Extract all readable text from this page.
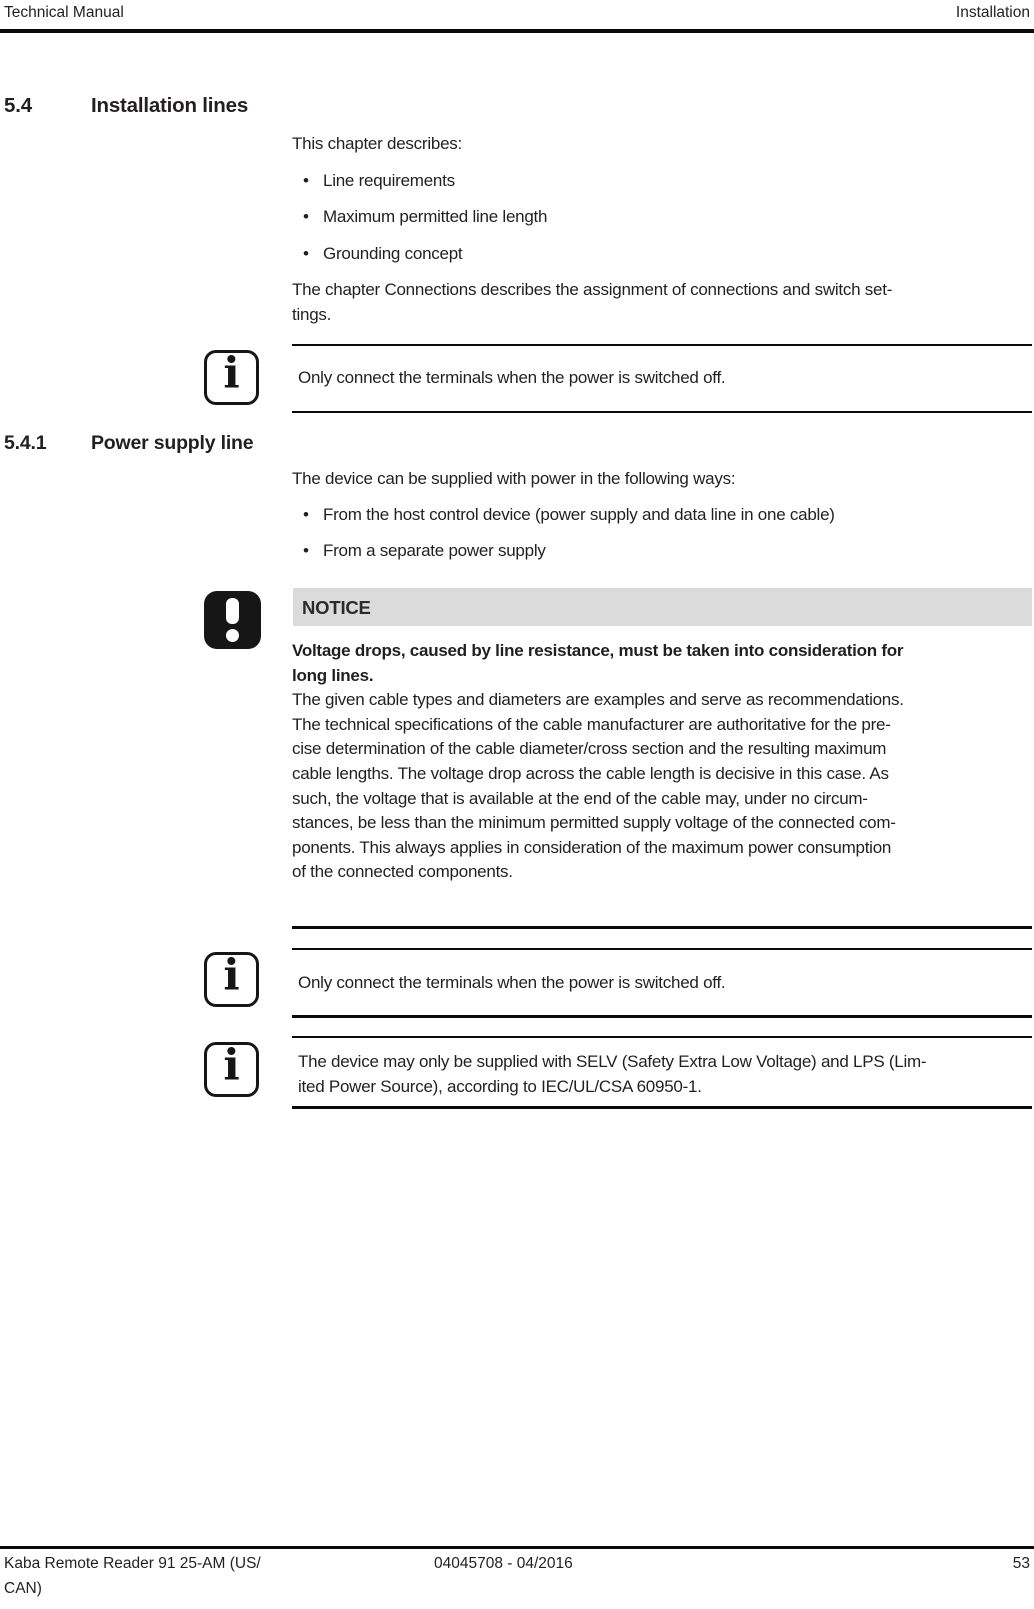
Technical Manual	Installation
5.4	Installation lines
This chapter describes:
• Line requirements
• Maximum permitted line length
• Grounding concept
The chapter Connections describes the assignment of connections and switch set-
tings.
i	Only connect the terminals when the power is switched off.
5.4.1 Power supply line
The device can be supplied with power in the following ways:
• From the host control device (power supply and data line in one cable)
• From a separate power supply
NOTICE
Voltage drops, caused by line resistance, must be taken into consideration for
long lines.
The given cable types and diameters are examples and serve as recommendations.
The technical specifications of the cable manufacturer are authoritative for the pre-
cise determination of the cable diameter/cross section and the resulting maximum
cable lengths. The voltage drop across the cable length is decisive in this case. As
such, the voltage that is available at the end of the cable may, under no circum-
stances, be less than the minimum permitted supply voltage of the connected com-
ponents. This always applies in consideration of the maximum power consumption
of the connected components.
i	Only connect the terminals when the power is switched off.
i	The device may only be supplied with SELV (Safety Extra Low Voltage) and LPS (Lim-
ited Power Source), according to IEC/UL/CSA 60950-1.
Kaba Remote Reader 91 25-AM (US/
CAN)
04045708 - 04/2016	53
